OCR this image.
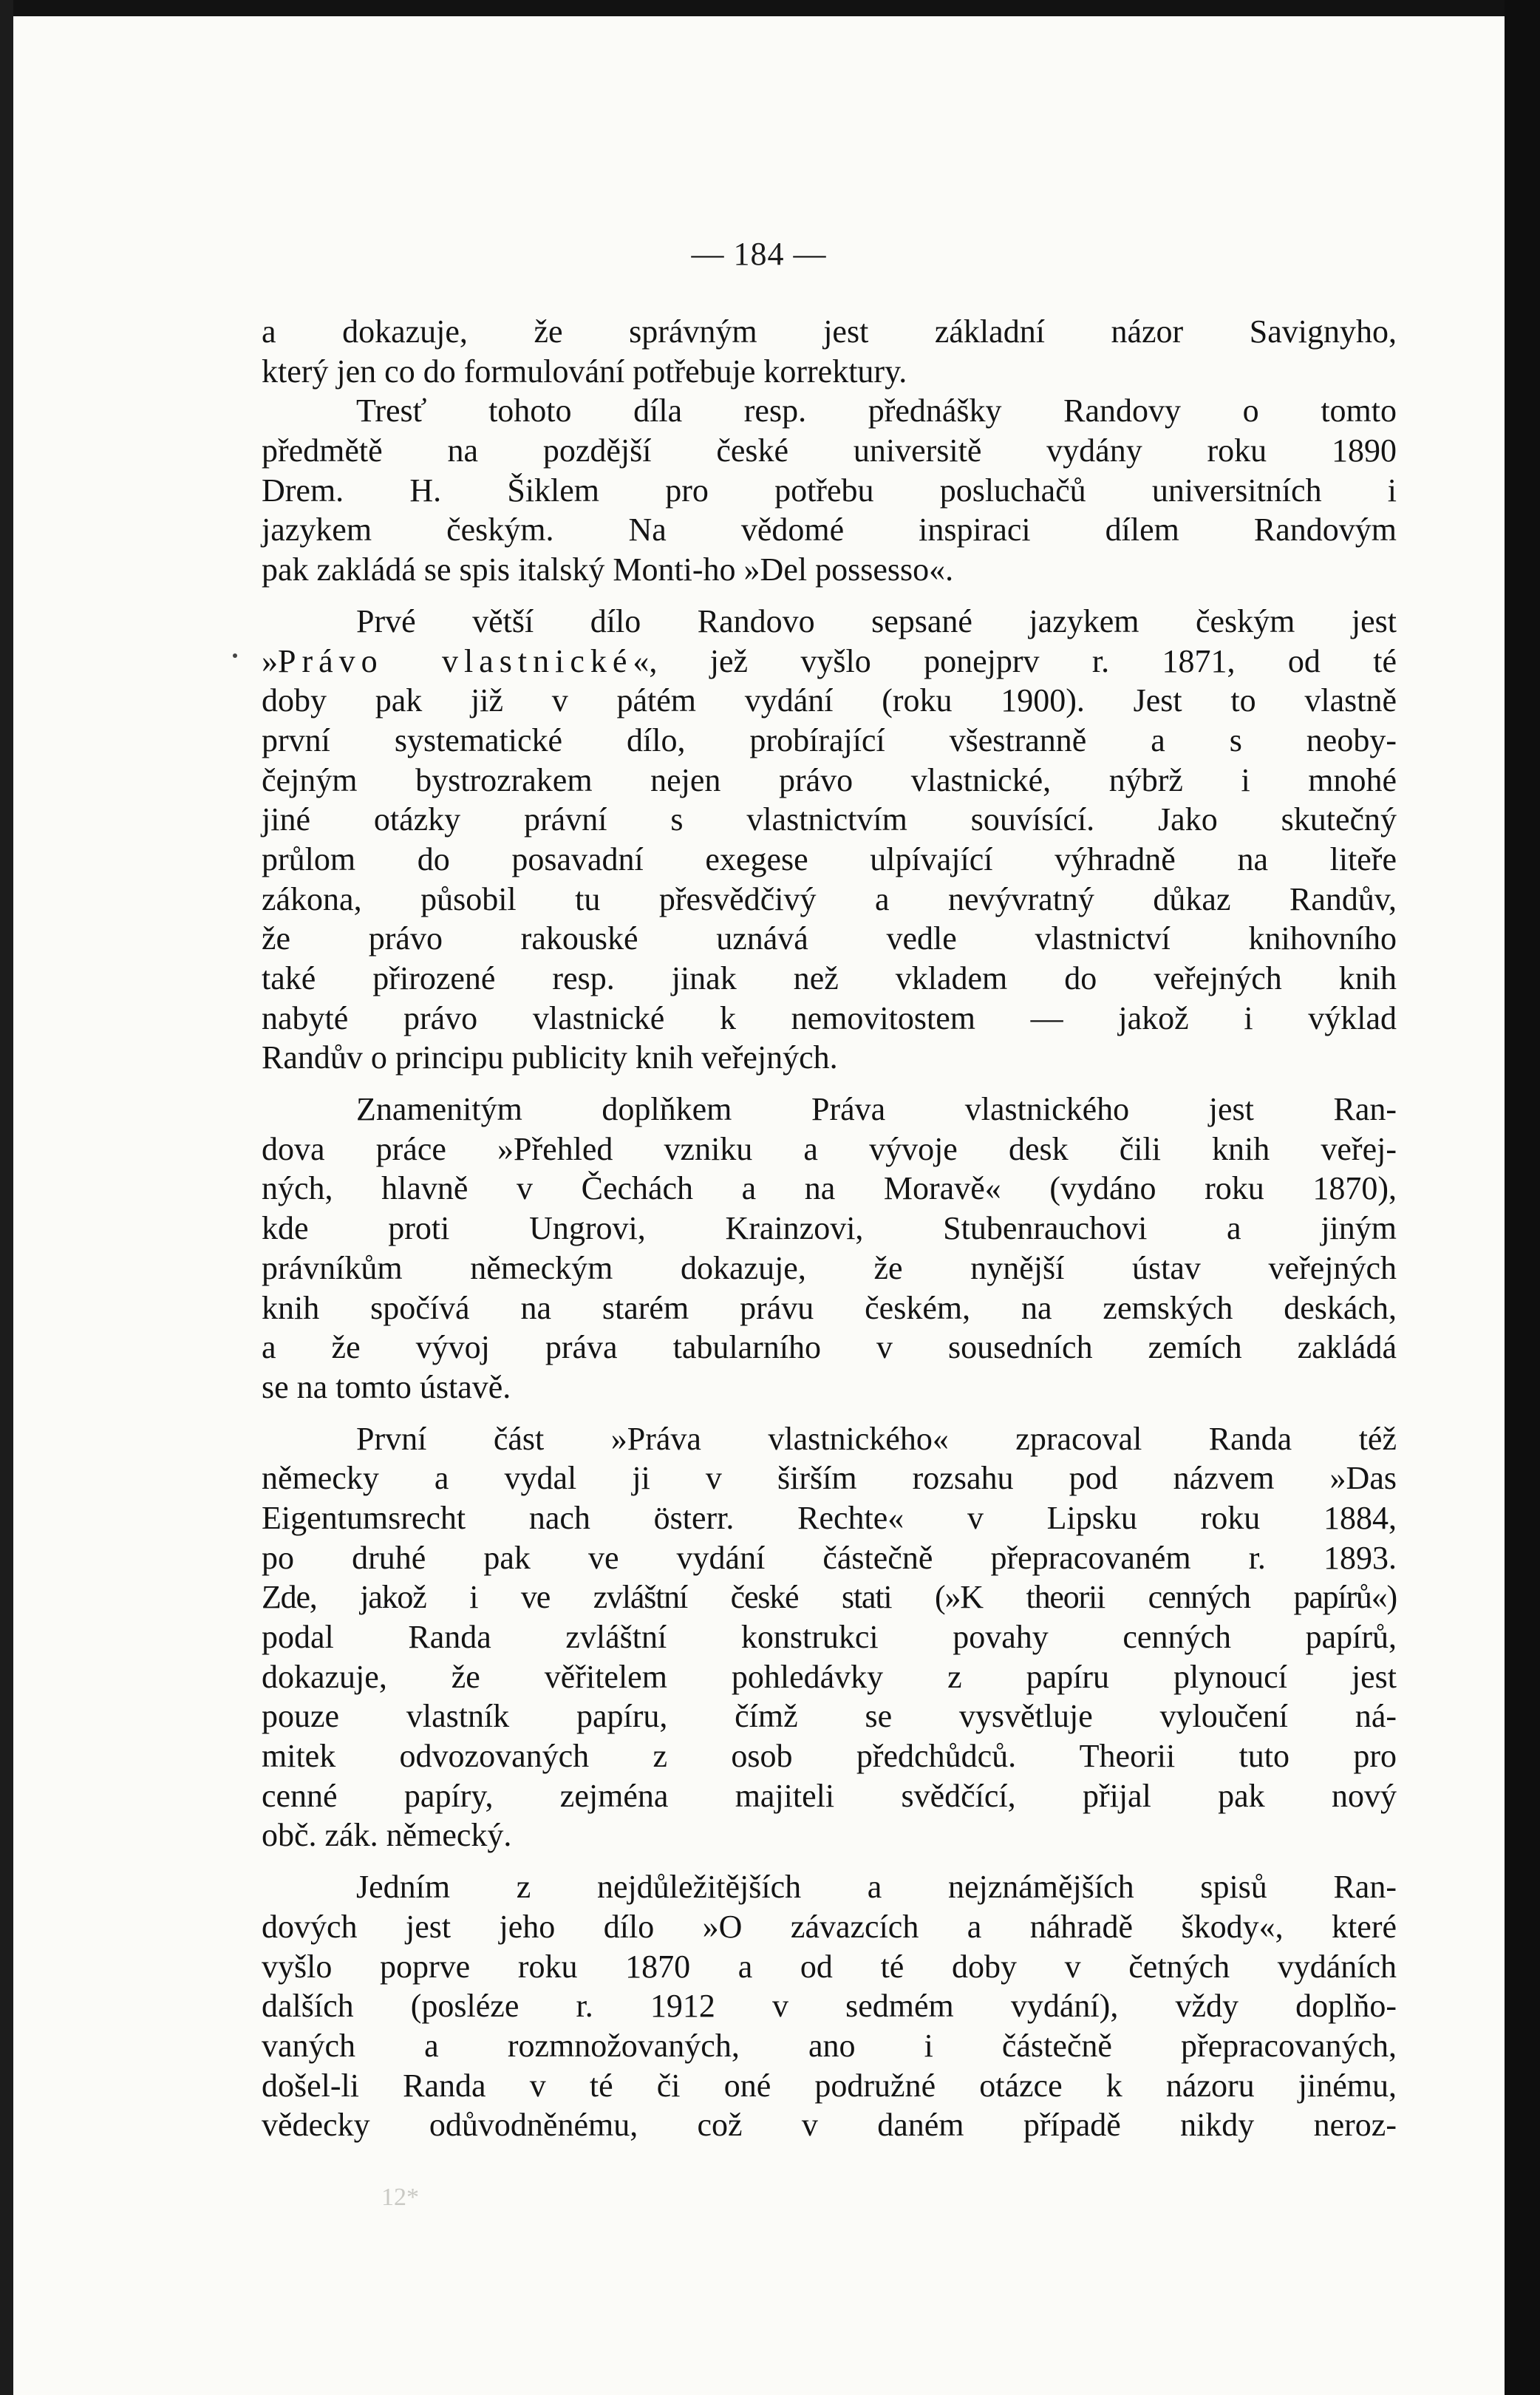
— 184 —
a dokazuje, že správným jest základní názor Savignyho,
který jen co do formulování potřebuje korrektury.
Tresť tohoto díla resp. přednášky Randovy o tomto
předmětě na pozdější české universitě vydány roku 1890
Drem. H. Šiklem pro potřebu posluchačů universitních i
jazykem českým. Na vědomé inspiraci dílem Randovým
pak zakládá se spis italský Monti-ho »Del possesso«.
Prvé větší dílo Randovo sepsané jazykem českým jest
»Právo vlastnické«, jež vyšlo ponejprv r. 1871, od té
doby pak již v pátém vydání (roku 1900). Jest to vlastně
první systematické dílo, probírající všestranně a s neoby-
čejným bystrozrakem nejen právo vlastnické, nýbrž i mnohé
jiné otázky právní s vlastnictvím souvísící. Jako skutečný
průlom do posavadní exegese ulpívající výhradně na liteře
zákona, působil tu přesvědčivý a nevývratný důkaz Randův,
že právo rakouské uznává vedle vlastnictví knihovního
také přirozené resp. jinak než vkladem do veřejných knih
nabyté právo vlastnické k nemovitostem — jakož i výklad
Randův o principu publicity knih veřejných.
Znamenitým doplňkem Práva vlastnického jest Ran-
dova práce »Přehled vzniku a vývoje desk čili knih veřej-
ných, hlavně v Čechách a na Moravě« (vydáno roku 1870),
kde proti Ungrovi, Krainzovi, Stubenrauchovi a jiným
právníkům německým dokazuje, že nynější ústav veřejných
knih spočívá na starém právu českém, na zemských deskách,
a že vývoj práva tabularního v sousedních zemích zakládá
se na tomto ústavě.
První část »Práva vlastnického« zpracoval Randa též
německy a vydal ji v širším rozsahu pod názvem »Das
Eigentumsrecht nach österr. Rechte« v Lipsku roku 1884,
po druhé pak ve vydání částečně přepracovaném r. 1893.
Zde, jakož i ve zvláštní české stati (»K theorii cenných papírů«)
podal Randa zvláštní konstrukci povahy cenných papírů,
dokazuje, že věřitelem pohledávky z papíru plynoucí jest
pouze vlastník papíru, čímž se vysvětluje vyloučení ná-
mitek odvozovaných z osob předchůdců. Theorii tuto pro
cenné papíry, zejména majiteli svědčící, přijal pak nový
obč. zák. německý.
Jedním z nejdůležitějších a nejznámějších spisů Ran-
dových jest jeho dílo »O závazcích a náhradě škody«, které
vyšlo poprve roku 1870 a od té doby v četných vydáních
dalších (posléze r. 1912 v sedmém vydání), vždy doplňo-
vaných a rozmnožovaných, ano i částečně přepracovaných,
došel-li Randa v té či oné podružné otázce k názoru jinému,
vědecky odůvodněnému, což v daném případě nikdy neroz-
12*
